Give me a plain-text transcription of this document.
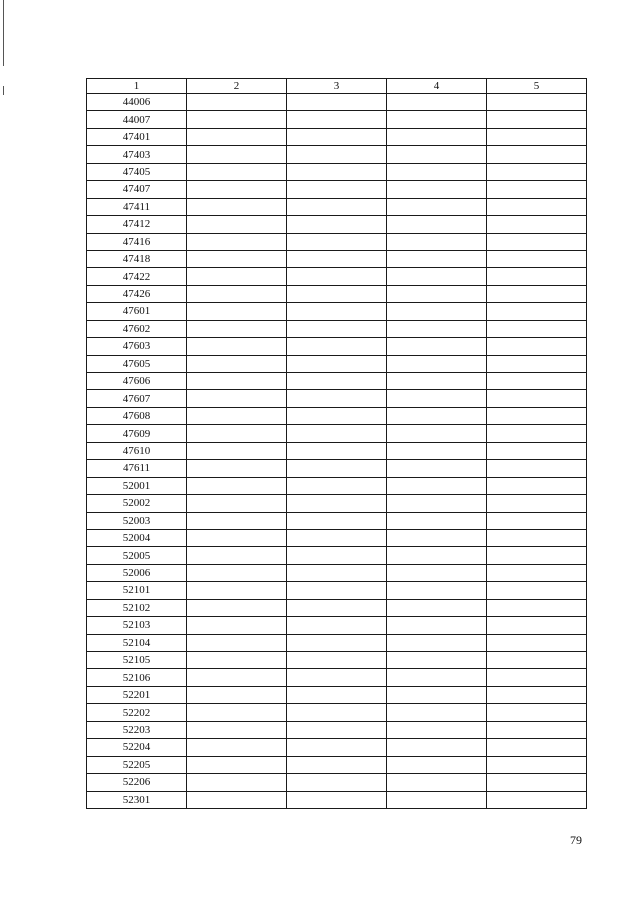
1	2	3	4	5
44006				
44007				
47401				
47403				
47405				
47407				
47411				
47412				
47416				
47418				
47422				
47426				
47601				
47602				
47603				
47605				
47606				
47607				
47608				
47609				
47610				
47611				
52001				
52002				
52003				
52004				
52005				
52006				
52101				
52102				
52103				
52104				
52105				
52106				
52201				
52202				
52203				
52204				
52205				
52206				
52301				
79
